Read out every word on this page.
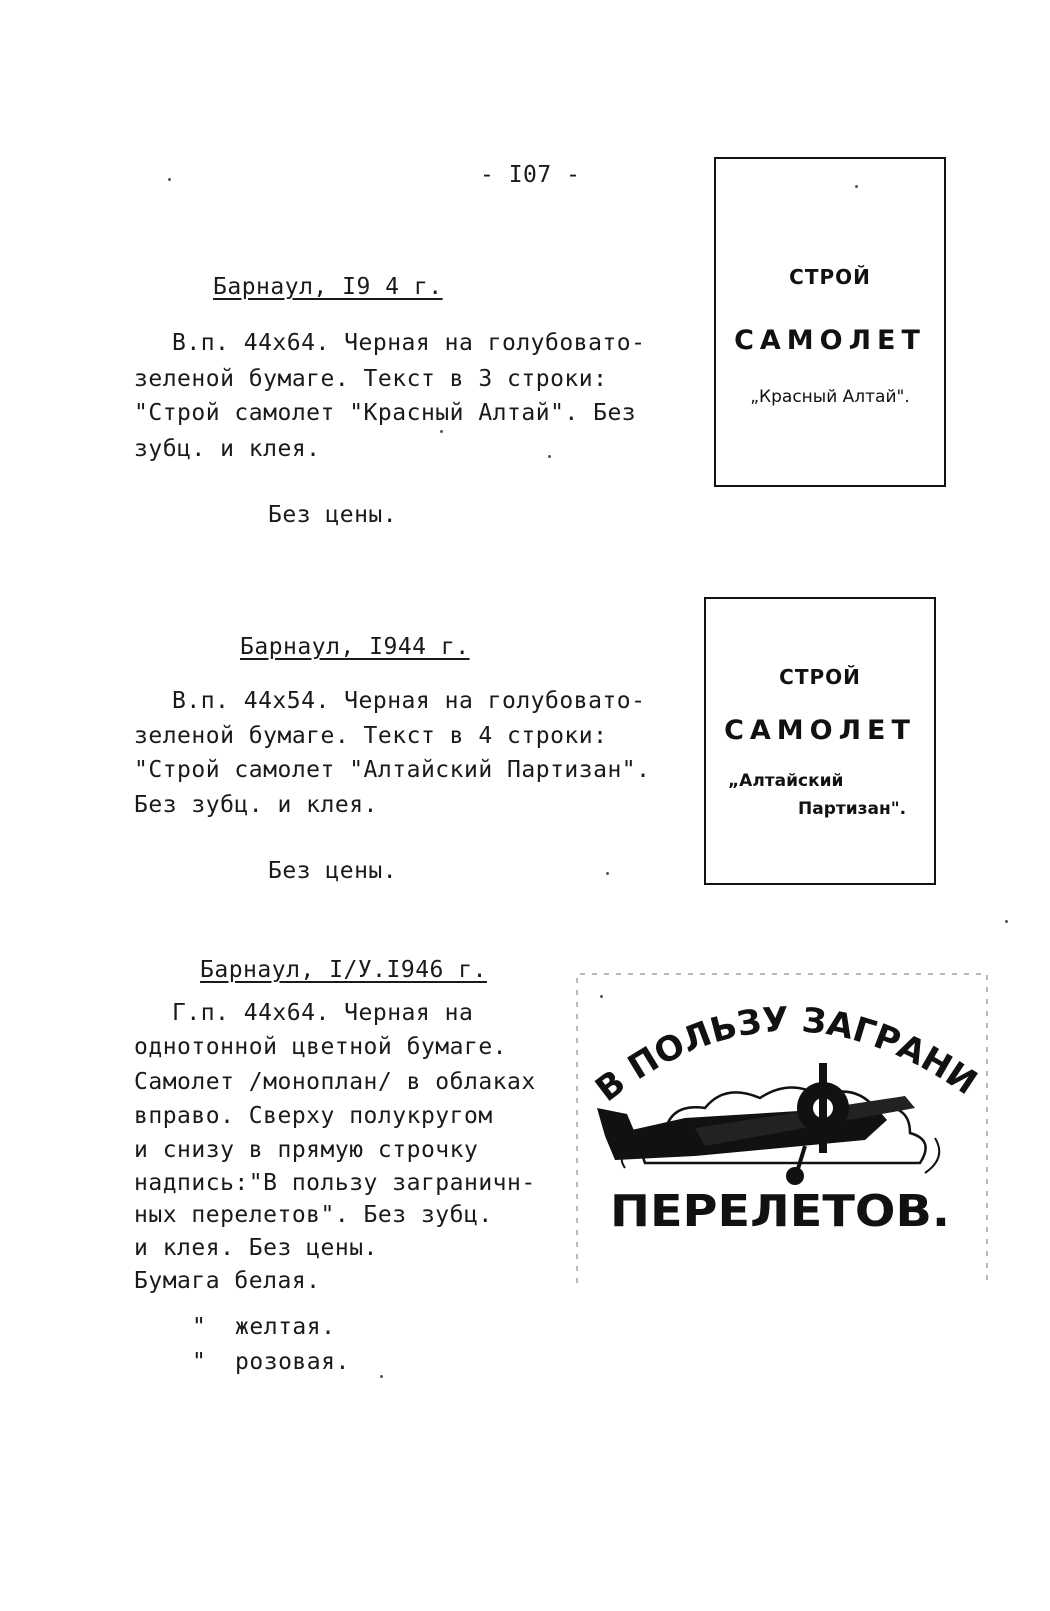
- I07 -
Барнаул, I9 4 г.
В.п. 44х64. Черная на голубовато-
зеленой бумаге. Текст в 3 строки:
"Строй самолет "Красный Алтай". Без
зубц. и клея.
Без цены.
Барнаул, I944 г.
В.п. 44х54. Черная на голубовато-
зеленой бумаге. Текст в 4 строки:
"Строй самолет "Алтайский Партизан".
Без зубц. и клея.
Без цены.
Барнаул, I/У.I946 г.
Г.п. 44х64. Черная на
однотонной цветной бумаге.
Самолет /моноплан/ в облаках
вправо. Сверху полукругом
и снизу в прямую строчку
надпись:"В пользу заграничн-
ных перелетов". Без зубц.
и клея. Без цены.
Бумага белая.
"  желтая.
"  розовая.
СТРОЙ
САМОЛЕТ
„Красный Алтай".
СТРОЙ
САМОЛЕТ
„Алтайский
Партизан".
В ПОЛЬЗУ ЗАГРАНИ
ПЕРЕЛЕТОВ.
